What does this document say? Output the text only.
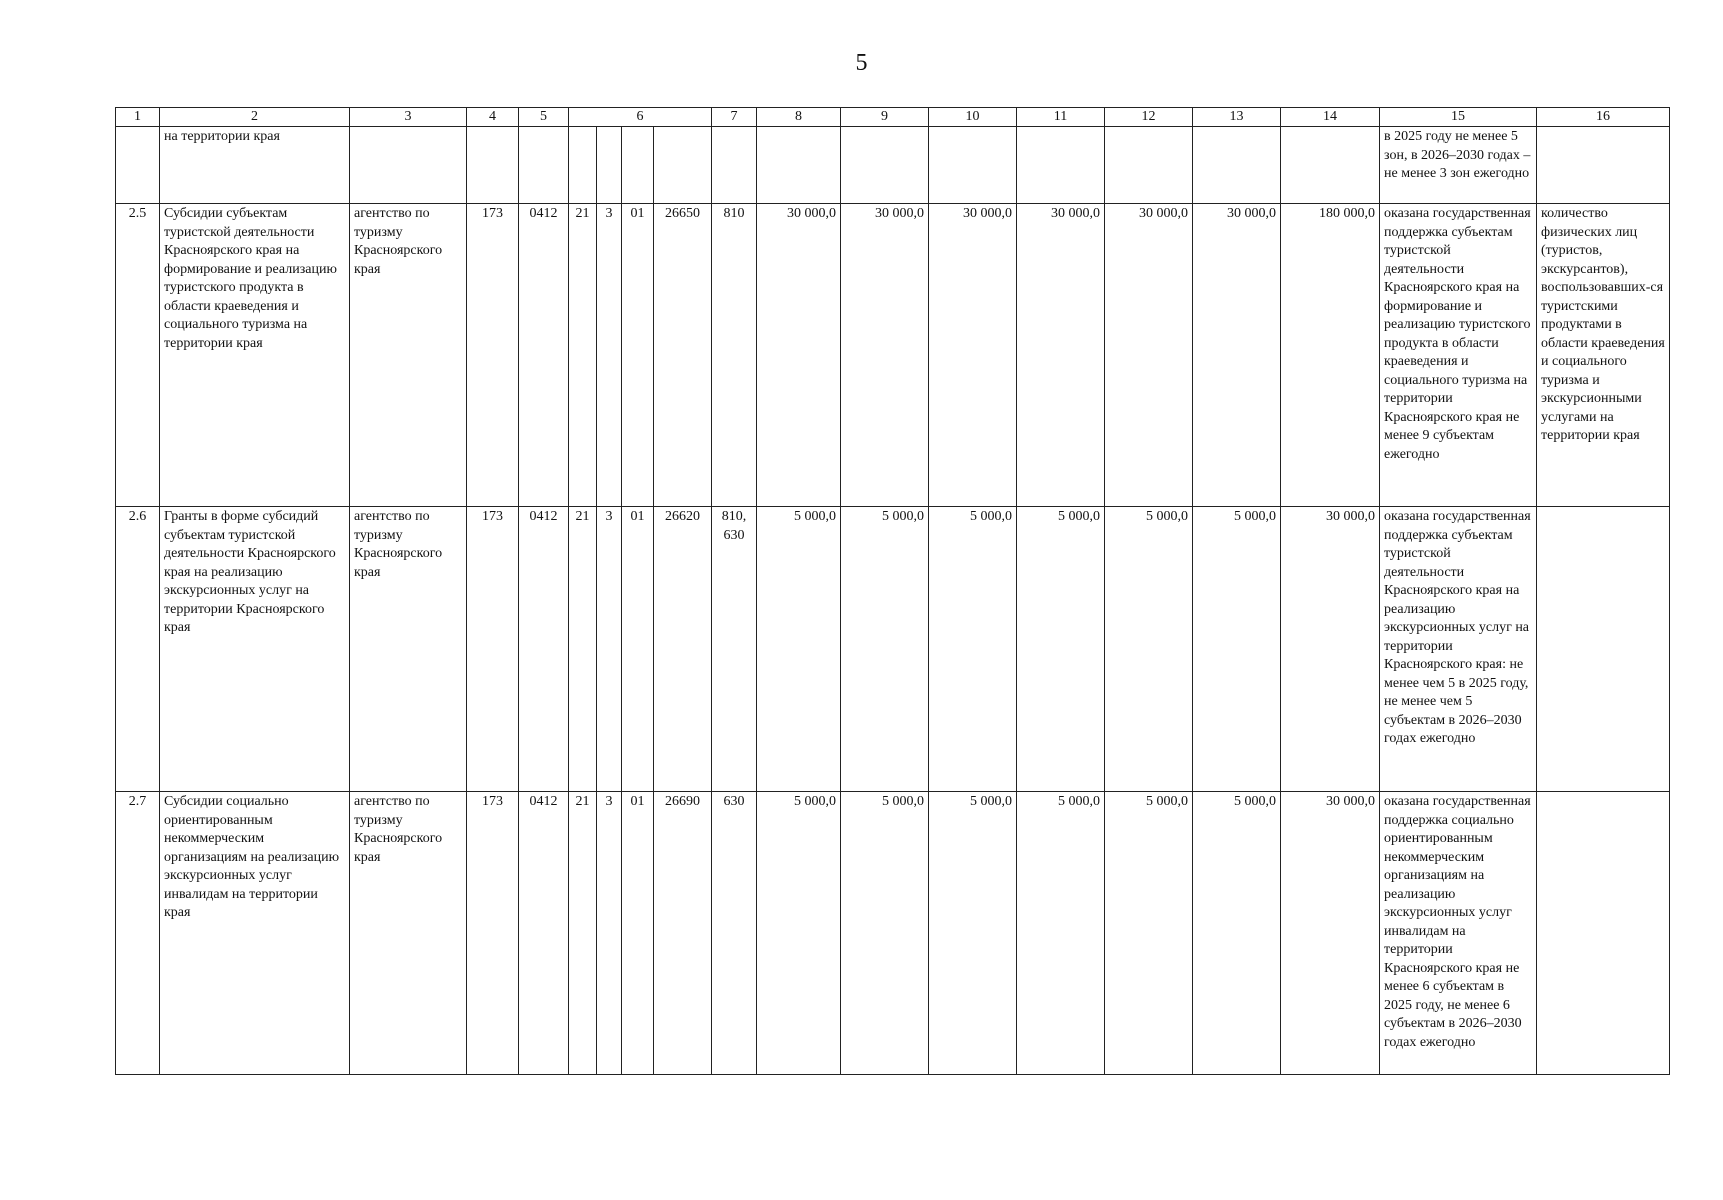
5
1	2	3	4	5	6				7	8	9	10	11	12	13	14	15	16
	на территории края																в 2025 году не менее 5 зон, в 2026–2030 годах – не менее 3 зон ежегодно	
2.5	Субсидии субъектам туристской деятельности Красноярского края на формирование и реализацию туристского продукта в области краеведения и социального туризма на территории края	агентство по туризму Красноярского края	173	0412	21	3	01	26650	810	30 000,0	30 000,0	30 000,0	30 000,0	30 000,0	30 000,0	180 000,0	оказана государственная поддержка субъектам туристской деятельности Красноярского края на формирование и реализацию туристского продукта в области краеведения и социального туризма на территории Красноярского края не менее 9 субъектам ежегодно	количество физических лиц (туристов, экскурсантов), воспользовавших-ся туристскими продуктами в области краеведения и социального туризма и экскурсионными услугами на территории края
2.6	Гранты в форме субсидий субъектам туристской деятельности Красноярского края на реализацию экскурсионных услуг на территории Красноярского края	агентство по туризму Красноярского края	173	0412	21	3	01	26620	810, 630	5 000,0	5 000,0	5 000,0	5 000,0	5 000,0	5 000,0	30 000,0	оказана государственная поддержка субъектам туристской деятельности Красноярского края на реализацию экскурсионных услуг на территории Красноярского края: не менее чем 5 в 2025 году, не менее чем 5 субъектам в 2026–2030 годах ежегодно	
2.7	Субсидии социально ориентированным некоммерческим организациям на реализацию экскурсионных услуг инвалидам на территории края	агентство по туризму Красноярского края	173	0412	21	3	01	26690	630	5 000,0	5 000,0	5 000,0	5 000,0	5 000,0	5 000,0	30 000,0	оказана государственная поддержка социально ориентированным некоммерческим организациям на реализацию экскурсионных услуг инвалидам на территории Красноярского края не менее 6 субъектам в 2025 году, не менее 6 субъектам в 2026–2030 годах ежегодно	
